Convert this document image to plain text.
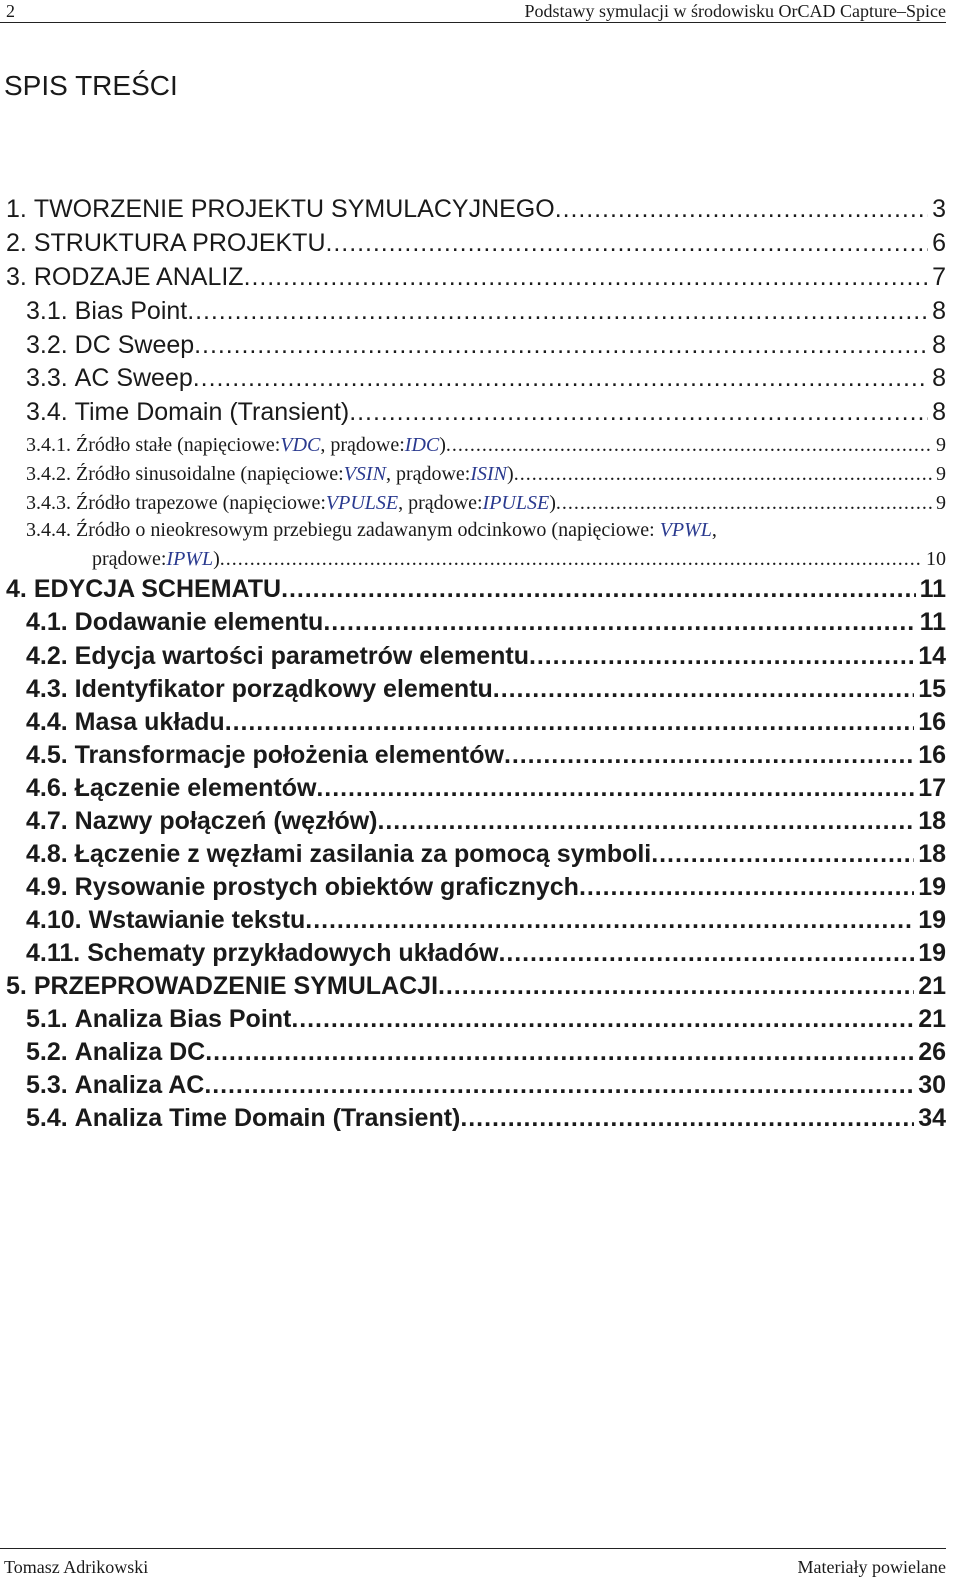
2	Podstawy symulacji w środowisku OrCAD Capture–Spice
SPIS TREŚCI
1.
TWORZENIE PROJEKTU SYMULACYJNEGO . . .	3
2.
STRUKTURA PROJEKTU . . .	6
3.
RODZAJE ANALIZ . . .	7
3.1.
Bias Point . . .	8
3.2.
DC Sweep . . .	8
3.3.
AC Sweep . . .	8
3.4.
Time Domain (Transient) . . .	8
3.4.1.
Źródło stałe (napięciowe: VDC , prądowe: IDC ) . . .	9
3.4.2.
Źródło sinusoidalne (napięciowe: VSIN , prądowe: ISIN ) . . .	9
3.4.3.
Źródło trapezowe (napięciowe: VPULSE , prądowe: IPULSE ) . . .	9
3.4.4. Źródło o nieokresowym przebiegu zadawanym odcinkowo (napięciowe: VPWL,
prądowe: IPWL ) . . .	10
4.
EDYCJA SCHEMATU . . .	11
4.1.
Dodawanie elementu . . .	11
4.2.
Edycja wartości parametrów elementu . . .	14
4.3.
Identyfikator porządkowy elementu . . .	15
4.4.
Masa układu . . .	16
4.5.
Transformacje położenia elementów . . .	16
4.6.
Łączenie elementów . . .	17
4.7.
Nazwy połączeń (węzłów) . . .	18
4.8.
Łączenie z węzłami zasilania za pomocą symboli . . .	18
4.9.
Rysowanie prostych obiektów graficznych . . .	19
4.10.
Wstawianie tekstu . . .	19
4.11.
Schematy przykładowych układów . . .	19
5.
PRZEPROWADZENIE SYMULACJI . . .	21
5.1.
Analiza Bias Point . . .	21
5.2.
Analiza DC . . .	26
5.3.
Analiza AC . . .	30
5.4.
Analiza Time Domain (Transient) . . .	34
Tomasz Adrikowski	Materiały powielane
